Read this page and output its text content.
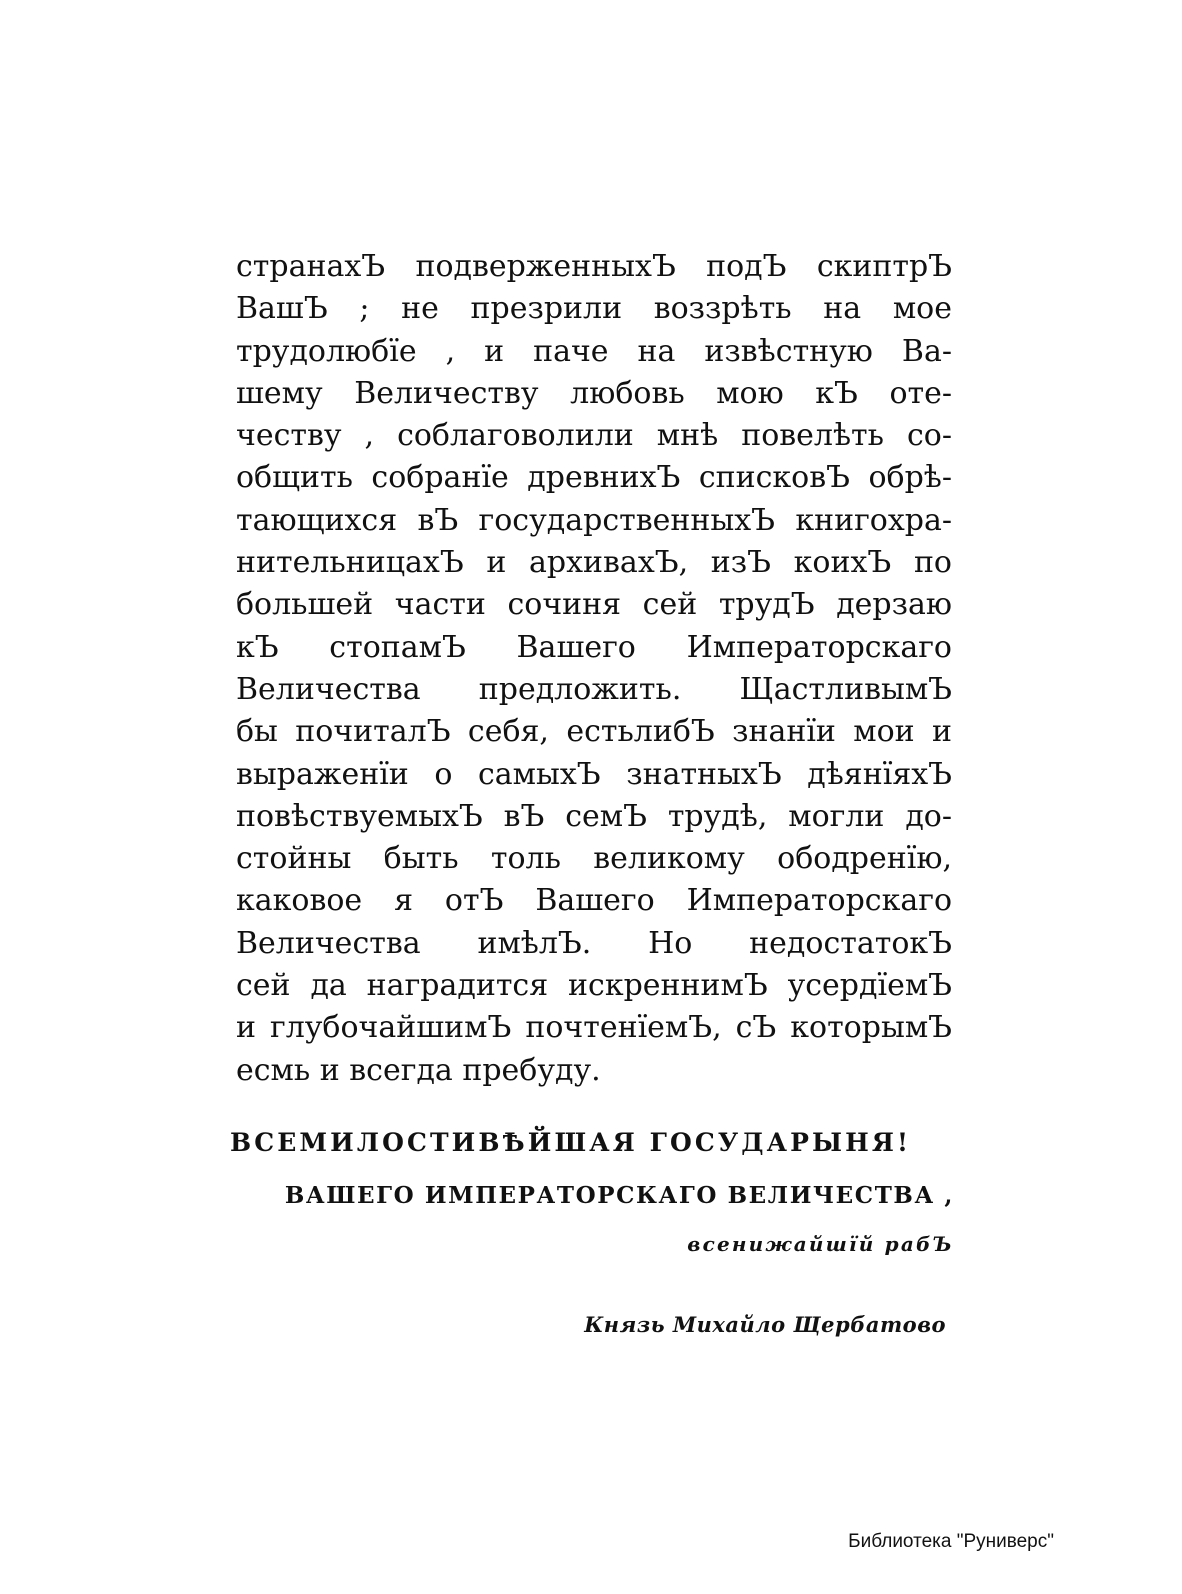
странахЪ подверженныхЪ подЪ скиптрЪ
ВашЪ ; не презрили воззрѣть на мое
трудолюбїе , и паче на извѣстную Ва-
шему Величеству любовь мою кЪ оте-
честву , соблаговолили мнѣ повелѣть со-
общить собранїе древнихЪ списковЪ обрѣ-
тающихся вЪ государственныхЪ книгохра-
нительницахЪ и архивахЪ, изЪ коихЪ по
большей части сочиня сей трудЪ дерзаю
кЪ стопамЪ Вашего Императорскаго
Величества предложить. ЩастливымЪ
бы почиталЪ себя, естьлибЪ знанїи мои и
выраженїи о самыхЪ знатныхЪ дѣянїяхЪ
повѣствуемыхЪ вЪ семЪ трудѣ, могли до-
стойны быть толь великому ободренїю,
каковое я отЪ Вашего Императорскаго
Величества имѣлЪ. Но недостатокЪ
сей да наградится искреннимЪ усердїемЪ
и глубочайшимЪ почтенїемЪ, сЪ которымЪ
есмь и всегда пребуду.
ВСЕМИЛОСТИВѢЙШАЯ ГОСУДАРЫНЯ!
ВАШЕГО ИМПЕРАТОРСКАГО ВЕЛИЧЕСТВА ,
всенижайшїй рабЪ
Князь Михайло Щербатово
Библиотека "Руниверс"
